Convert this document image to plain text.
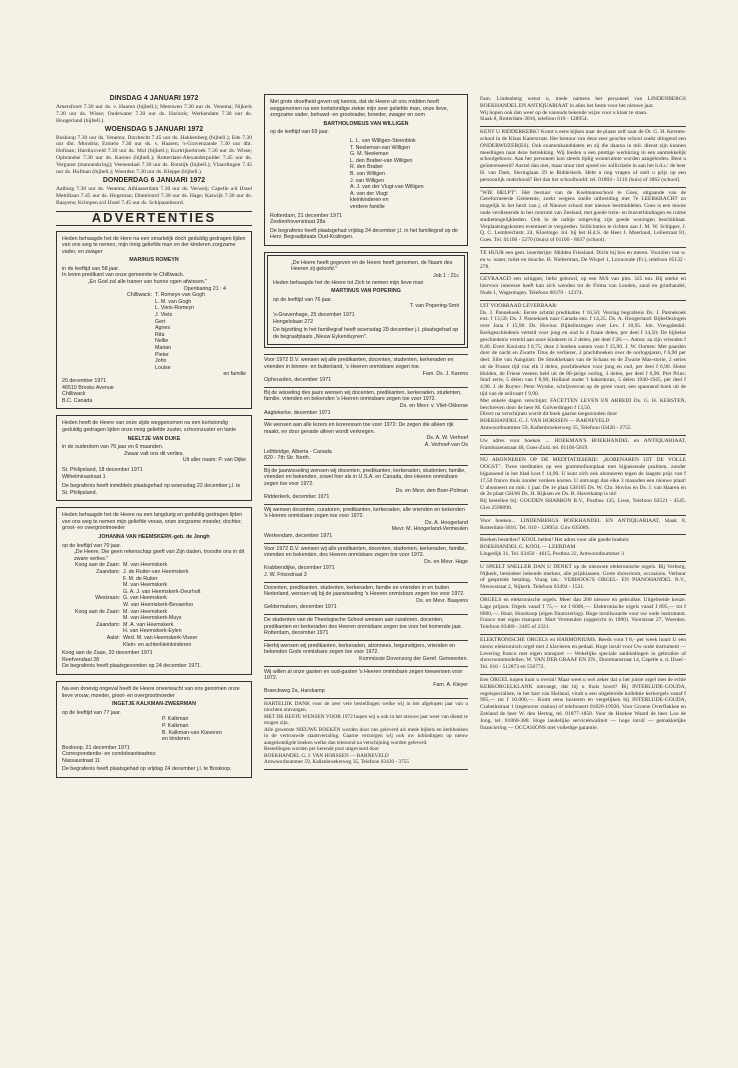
DINSDAG 4 JANUARI 1972

Amersfoort 7.30 uur ds. v. Haaren (bijbell.); Meeuwen 7.30 uur ds. Venema; Nijkerk 7.30 uur ds. Wisse; Oudewater 7.30 uur ds. Harinck; Werkendam 7.30 uur ds. Hoogerland (bijbell.).

WOENSDAG 5 JANUARI 1972

Boskoop 7.30 uur ds. Venema; Dordrecht 7.45 uur ds. Hakkenberg (bijbell.); Ede 7.30 uur dhr. Mondria; Ermelo 7.30 uur ds. v. Haaren; 's-Gravenzande 7.30 uur dhr. Hofman; Hardinxveld 7.30 uur ds. Mol (bijbell.); Kortrijkerbroek 7.30 uur ds. Wisse; Opbrandse 7.30 uur ds. Karens (bijbell.); Rotterdam-Alexanderpolder 7.45 uur ds. Vergunst (mannenkring); Veenendaal 7.30 uur ds. Rotstijk (bijbell.); Vlaardingen 7.45 uur ds. Hofman (bijbell.); Woerden 7.30 uur ds. Kleppe (bijbell.).

DONDERDAG 6 JANUARI 1972

Aalburg 7.30 uur ds. Venema; Alblasserdam 7.30 uur ds. Verweij; Capelle a/d IJssel Mettillaan 7.45 uur ds. Hogeman; Dinteloord 7.30 uur ds. Hage; Katwijk 7.30 uur ds. Baayens; Krimpen a/d IJssel 7.45 uur ds. Schipaanboord.

ADVERTENTIES
Heden behaagde het de Here na een smartelijk doch geduldig gedragen lijden van ons weg te nemen, mijn innig geliefde man en der kinderen zorgzame vader, en zwager
MARINUS ROMEYN
in de leeftijd van 58 jaar.
In leven predikant van onze gemeente te Chilliwack.
„En God zal alle tranen van hunne ogen afwissen."
Openbaring 21 : 4
Chilliwack: T. Romeyn-van Gogh
L. M. van Gogh
L. Viets-Romeyn
J. Viets
Gert
Agnes
Rita
Nellie
Marian
Pieter
John
Louise
en familie
20 december 1971
46510 Brooks Avenue
Chilliwack
B.C. Canada
Heden heeft de Heere van onze zijde weggenomen na een kortstondig geduldig gedragen lijden onze innig geliefde zuster, schoonzuster en tante
NEELTJE VAN DIJKE
in de ouderdom van 76 jaar en 6 maanden.
Zwaar valt ons dit verlies.
Uit aller naam: P. van Dijke
St. Philipsland, 18 december 1971
Wilhelminastraat 1
De begrafenis heeft inmiddels plaatsgehad op woensdag 22 december j.l. te St. Philipsland.
Heden behaagde het de Heere na een langdurig en geduldig gedragen lijden van ons weg te nemen mijn geliefde vrouw, onze zorgzame moeder, dochter, groot- en overgrootmoeder
JOHANNA VAN HEEMSKERK-geb. de Jongh
op de leeftijd van 70 jaar.
„De Heere, Die geen rekenschap geeft van Zijn daden, troostte ons in dit zware verlies."
Koog aan de Zaan: M. van Heemskerk
Zaandam: J. de Ruiter-van Heemskerk
F. M. de Ruiter
M. van Heemskerk
G. A. J. van Heemskerk-Deurholt
Westzaan: G. van Heemskerk
W. van Heemskerk-Bevaerloo
Koog aan de Zaan: M. van Heemskerk
M. van Heemskerk-Muys
Zaandam: M. A. van Heemskerk
H. van Heemskerk-Eylen
Aalst: Wed. M. van Heemskerk-Visser
Klein- en achterkleinkinderen
Koog aan de Zaan, 20 december 1971
Reefvendaal 28
De begrafenis heeft plaatsgevonden op 24 december 1971.
Na een droevig ongeval heeft de Heere onverwacht van ons genomen onze lieve vrouw, moeder, groot- en overgrootmoeder
INGETJE KALKMAN-ZWEERMAN
op de leeftijd van 77 jaar.
P. Kalkman
P. Kalkman
B. Kalkman-van Klaveren
en kinderen
Boskoop, 21 december 1971
Correspondentie- en condoleantieadres:
Nassaustraat 11
De begrafenis heeft plaatsgehad op vrijdag 24 december j.l. te Boskoop.
Met grote droefheid geven wij kennis, dat de Heere uit ons midden heeft weggenomen na een kortstondige ziekte mijn zeer geliefde man, onze lieve, zorgzame vader, behuwd- en grootvader, broeder, zwager en oom
BARTHOLOMEUS VAN WILLIGEN
op de leeftijd van 69 jaar.
L. L. van Willigen-Steenblok
T. Neeleman-van Willigen
G. M. Neeleman
L. den Braber-van Willigen
R. den Braber
B. van Willigen
J. van Willigen
A. J. van der Vlugt-van Willigen
A. van der Vlugt
kleinkinderen en
verdere familie
Rotterdam, 21 december 1971
Zestienhovenstraat 28a
De begrafenis heeft plaatsgehad vrijdag 24 december j.l. in het familiegraf op de Herv. Begraafplaats Oud-Kralingen.
„De Heere heeft gegeven en de Heere heeft genomen, de Naam des Heeren zij geloofd."
Job 1 : 21c
Heden behaagde het de Heere tot Zich te nemen mijn lieve man
MARTINUS VAN POPERING
op de leeftijd van 76 jaar.
T. van Popering-Smit
's-Gravenhage, 25 december 1971
Hengelolaan 272
De bijzetting in het familiegraf heeft woensdag 29 december j.l. plaatsgehad op de begraafplaats „Nieuw Eykenduynen".

Voor 1972 D.V. wensen wij alle predikanten, docenten, studenten, kerkeraden en vrienden in binnen- en buitenland, 's Heeren onmisbare zegen toe.

Fam. Ds. J. Karens

Opheusden, december 1971

Bij de wisseling des jaars wensen wij docenten, predikanten, kerkeraden, studenten, familie, vrienden en bekenden 's Heeren onmisbare zegen toe voor 1972.

Ds. en Mevr. v. Vliet-Okkerse

Aagtekerke, december 1971

We wensen aan alle lezers en lezeressen toe voor 1972: De zegen die alleen rijk maakt, en door genade alleen wordt verkregen.

Ds. A. W. Verhoef
A. Verhoef-van Os

Lethbridge, Alberta - Canada
820 - 7th Str. North.

Bij de jaarwisseling wensen wij docenten, predikanten, kerkeraden, studenten, familie, vrienden en bekenden, zowel hier als in U.S.A. en Canada, des Heeren onmisbare zegen toe voor 1972.

Ds. en Mevr. den Boer-Polman

Ridderkerk, december 1971

Wij wensen docenten, curatoren, predikanten, kerkeraden, alle vrienden en bekenden 's Heeren onmisbare zegen toe voor 1972.

Ds. A. Hoogerland
Mevr. M. Hoogerland-Vermeulen

Werkendam, december 1971

Voor 1972 D.V. wensen wij alle predikanten, docenten, studenten, kerkeraden, familie, vrienden en bekenden, des Heeren onmisbare zegen toe voor 1972.

Ds. en Mevr. Hage

Krabbendijke, december 1971
J. W. Frisostraat 3

Docenten, predikanten, studenten, kerkeraden, familie en vrienden in en buiten Nederland, wensen wij bij de jaarwisseling 's Heeren onmisbare zegen toe voor 1972.

Ds. en Mevr. Baayens

Geldermalsen, december 1971

De studenten van de Theologische School wensen aan curatoren, docenten, predikanten en kerkeraden des Heeren onmisbare zegen toe voor het komende jaar.

Rotterdam, december 1971

Hierbij wensen wij predikanten, kerkeraden, abonnees, begunstigers, vrienden en bekenden Gods onmisbare zegen toe voor 1972.

Kommissie Dovenzorg der Geref. Gemeenten.

Wij willen al onze gasten en oud-gasten 's Heeren onmisbare zegen toewensen voor 1972.

Fam. A. Kleyer

Braeckweg 2a, Harskamp

HARTELIJK DANK voor de zeer vele bestellingen welke wij in het afgelopen jaar van u mochten ontvangen.
MET DE BESTE WENSEN VOOR 1972 hopen wij u ook in het nieuwe jaar weer van dienst te mogen zijn.
Alle gewenste NIEUWE BOEKEN worden door ons geleverd als mede bijbels en kerkboeken in de vertrouwde staatsvertaling. Gaarne verzorgen wij ook uw inbindingen op nieuw aangekondigde boeken welke dan tentoond na verschijning worden geleverd.
Bestellingen worden per kerende post uitgevoerd door
BOEKHANDEL G. J. VAN HORSSEN — BARNEVELD
Antwoordnummer 59, Kallenbroekerweg 35, Telefoon 03420 - 3755
Fam. Lindenberg wenst u, mede namens het personeel van LINDENBERGS BOEKHANDEL EN ANTIQUARIAAT in alles het beste voor het nieuwe jaar.
Wij hopen ook dan weer op de vanouds bekende wijze voor u klaar te staan.
Slaak 8, Rotterdam-3016, telefoon 010 - 128954.
KENT U RIDDERKERK? Komt u eens kijken naar de plaats zelf naar de Dr. G. H. Kersten-school in de Klaas Katerstraat. Het bestuur van deze zeer geachte school zoekt dringend een ONDERWIJZER(ES). Ook examenkandidaten en zij die daarna in mil. dienst zijn kunnen meedingen naar deze betrekking. Wij bieden u een prettige werkkring in een aantrekkelijk schoolgebouw. Aan het personeel kon steeds tijdig woonruimte worden aangeboden. Bent u geïnteresseerd? Aarzel dan niet, maar stuur met spoed uw sollicitatie in aan het h.d.s.: de heer H. van Dam, Sieringlaan 29 te Ridderkerk. Hebt u nog vragen of stelt u prijs op een persoonlijk onderhoud? Bel dan het schoolhoofd: tel. 01804 - 5116 (huis) of 3862 (school).
"WIE HELPT". Het bestuur van de Koelmansschool te Goes, uitgaande van de Gereformeerde Gemeente, zoekt wegens snelle uitbreiding met 7e LEERKRACHT zo mogelijk in het bezit van j. of Nieuwe school met nieuwe leermiddelen. Goes is een mooie oude verdienende in het centrum van Zeeland, met goede trein- en busverbindingen en ruime studiemogelijkheden. Ook in de nabije omgeving zijn goede woningen beschikbaar. Verplaatsingskosten eventueel te vergoeden. Sollicitaties te richten aan J. M. W. Schipper, J. Q. C. Lembrechtstr. 24, Kloetinge. Inl. bij het H.d.S. de Heer J. Moerland, Leliestraat 81, Goes. Tel. 01100 - 5270 (thuis) of 01100 - 8037 (school).
TE HUUR een gem. boerderijte: Midden Friesland. Dicht bij bos en meren. Voorzien van w. en w. water, toilet en douche. H. Nieberman, De Wispel 1, Luxwoude (Fr.), telefoon 05132 - 278.
GEVRAAGD een schipper, liefst gehuwd, op een M/S van plm. 325 ton. Bij sterke en hiervoor interesse heeft kan zich wenden tot de Firma van Leuden, zand en grinthandel, Nude 1, Wageningen. Telefoon 08370 - 12374.
UIT VOORRAAD LEVERBAAR:
Ds. J. Pannekoek: Eerste achttal predikaties f 16,50; Verslag begrafenis Ds. J. Pannekoek enz. f 13,50; Ds. J. Pannekoek naar Canada enz. f 14,25. Ds. A. Hoogerland: Bijbellezingen over Jona f 15,90. Ds. Hovius: Bijbellezingen over Lev. f 10,95. Joh. Vreugdenhil: Kerkgeschiedenis verteld voor jong en oud in 4 fraaie delen, per deel f 14,50; De bijbelse geschiedenis verteld aan onze kinderen in 2 delen, per deel f 28,—. Anton: aa zijn vrienden f 8,40. Evert Kooistra f 8,75; deze 2 boeken samen voor f 15,90. J. W. Oomen: Met paarden door de nacht en Zwarte Titus de verliezer, 2 prachtboeken over de oorlogsjaren, f 6,90 per deel. Sibe van Aangium: De Smokkelaars van de Schans en de Zwarte Mas-storie, 2 series uit de Franse tijd van elk 3 delen, prachtboeken voor jong en oud, per deel f 6,90. Hotse Holden, de Friese veenen held uit de 80-jarige oorlog, 3 delen, per deel f 6,90. Piet Prins: Snuf serie, 5 delen van f 8,90; Holland onder 't hakenkruis, 5 delen 1940-1945, per deel f 4,90. J. de Ruyter: Peter Wytske, schrijvenvan op de grote vaart, een spannend boek uit de tijd van de zeilvaart f 9,90.
Met enkele dagen verschijnt: FACETTEN LEVEN EN ARBEID Ds. G. H. KERSTEN, beschreven door de heer M. Golverdingen f 13,50.
Direct na verschijnen wordt dit boek gaarne toegezonden door
BOEKHANDEL G. J. VAN HORSSEN — BARNEVELD
Antwoordnummer 59, Kallenbroekerweg 35, Telefoon 03420 - 2755
Uw adres voor boeken ... HOEKMAN'S BOEKHANDEL en ANTIQUARIAAT, Frambozenstraat 48, Goes-Zuid. tel. 01100-5019.
NU ABONNEREN OP DE MEDITATIESERIE: „KORENAREN UIT DE VOLLE OOGST". Twee meditaties op een grammofoonplaat met bijpassende psalmen, zonder bijpassend in het blad kost f 14,90. U kunt zich ook abonneren tegen de laagste prijs van f 17,50 franco thuis zonder verdere kosten. U ontvangt dan elke 3 maanden een nieuwe plaat! U abonneert nu min. 1 jaar. De 1e plaat GH105 Ds. W. Chr. Hovius en Ds. J. van Haaren en de 2e plaat GH/06 Ds. H. Rijksen en Ds. B. Haverkamp is uit!
Bij bestellen bij: GOUDEN SHABBON B.V., Postbus 135, Lisse, Telefoon 02521 - 4545. Giro 2598090.
Voor boeken... LINDENBERGS BOEKHANDEL EN ANTIQUARIAAT, Slaak 8, Rotterdam-3016. Tel. 010 - 128954. Giro 635089.
Boeken bestellen? KOOL bellen! Het adres voor alle goede boeken:
BOEKHANDEL G. KOOL — LEERDAM
Lingedijk 31, Tel. 03450 - 4615, Postbus 22, Antwoordnummer 3
U SPEELT SNELLER DAN U DENKT op de nieuwste elektronische orgels. Bij Verborg, Nijkerk, bestudeer bekende merken, alle prijsklassen. Grote showroom, occasions. Verhuur of gespreide betaling. Vraag ink.: VERHOOG'S ORGEL- EN PIANOHANDEL N.V., Nieuwstraat 2, Nijkerk. Telefoon 03494 - 1521.
ORGELS en elektronische orgels. Meer dan 200 nieuwe en gebruikte. Uitgebreide keuze. Lage prijzen. Orgels vanaf f 75,— tot f 6000,—. Elektronische orgels vanaf f 895,— tot f 6000,—. Huur, Huurkoop (eigen financiering). Hoge inruilwaarde voor uw oude instrument. Franco met eigen transport. Mart Vermeulen (opgericht in 1890). Voorstraat 27, Woerden. Telefoon 03480 - 2405 of 2321.
ELEKTRONISCHE ORGELS en HARMONIUMS. Reeds voor f 8,- per week huurt U een nieuw elektronisch orgel met 2 klavieren en pedaal. Hoge inruil voor Uw oude instrument — Levering franco met eigen transport — Wekelijks speciale aanbiedingen in gebruikte of showroommodellen. W. VAN DER GRAAF EN ZN., Doormanstraat 14, Capelle a. d. IJssel - Tel. 010 - 512873 en 556772.
Een ORGEL kopen kunt u overal! Maar weet u wel zeker dat u het juiste orgel met de echte KERKORGELKLANK ontvangt, dat bij u thuis hoort? Bij INTERLUDE-GOUDA, orgelspecialiste, in het hart van Holland, vindt u een uitgebreide kollektie kerkorgels vanaf f 995,— tot f 16.000,—. Komt eens luisteren en vergelijken bij INTERLUDE-GOUDA, Crabethstraat 1 (tegenover station) of telefoneert 01820-19920. Voor Groene Overflakkee en Zeeland de heer W. den Hertog, tel. 01877-1858. Voor de Hoekse Waard de heer Loo de Jong, tel. 01860-388. Hoge landelijke servicekwaliteit — hoge inruil — gemakkelijke financiering — OCCASIONS met volledige garantie.
